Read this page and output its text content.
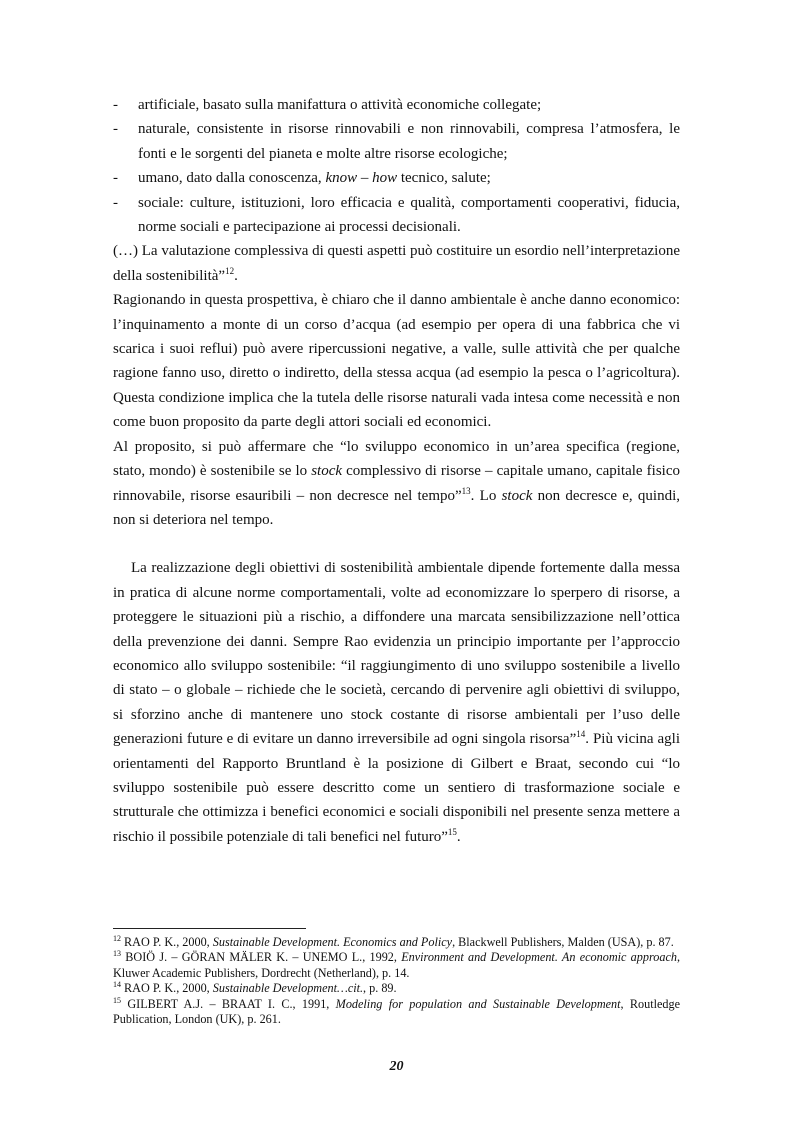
- artificiale, basato sulla manifattura o attività economiche collegate;
- naturale, consistente in risorse rinnovabili e non rinnovabili, compresa l’atmosfera, le fonti e le sorgenti del pianeta e molte altre risorse ecologiche;
- umano, dato dalla conoscenza, know – how tecnico, salute;
- sociale: culture, istituzioni, loro efficacia e qualità, comportamenti cooperativi, fiducia, norme sociali e partecipazione ai processi decisionali.

(…) La valutazione complessiva di questi aspetti può costituire un esordio nell’interpretazione della sostenibilità”$^{12}$.

Ragionando in questa prospettiva, è chiaro che il danno ambientale è anche danno economico: l’inquinamento a monte di un corso d’acqua (ad esempio per opera di una fabbrica che vi scarica i suoi reflui) può avere ripercussioni negative, a valle, sulle attività che per qualche ragione fanno uso, diretto o indiretto, della stessa acqua (ad esempio la pesca o l’agricoltura). Questa condizione implica che la tutela delle risorse naturali vada intesa come necessità e non come buon proposito da parte degli attori sociali ed economici.

Al proposito, si può affermare che “lo sviluppo economico in un’area specifica (regione, stato, mondo) è sostenibile se lo stock complessivo di risorse – capitale umano, capitale fisico rinnovabile, risorse esauribili – non decresce nel tempo”$^{13}$. Lo stock non decresce e, quindi, non si deteriora nel tempo.

La realizzazione degli obiettivi di sostenibilità ambientale dipende fortemente dalla messa in pratica di alcune norme comportamentali, volte ad economizzare lo sperpero di risorse, a proteggere le situazioni più a rischio, a diffondere una marcata sensibilizzazione nell’ottica della prevenzione dei danni. Sempre Rao evidenzia un principio importante per l’approccio economico allo sviluppo sostenibile: “il raggiungimento di uno sviluppo sostenibile a livello di stato – o globale – richiede che le società, cercando di pervenire agli obiettivi di sviluppo, si sforzino anche di mantenere uno stock costante di risorse ambientali per l’uso delle generazioni future e di evitare un danno irreversibile ad ogni singola risorsa”$^{14}$. Più vicina agli orientamenti del Rapporto Bruntland è la posizione di Gilbert e Braat, secondo cui “lo sviluppo sostenibile può essere descritto come un sentiero di trasformazione sociale e strutturale che ottimizza i benefici economici e sociali disponibili nel presente senza mettere a rischio il possibile potenziale di tali benefici nel futuro”$^{15}$.

$^{12}$ RAO P. K., 2000, Sustainable Development. Economics and Policy, Blackwell Publishers, Malden (USA), p. 87.

$^{13}$ BOIÖ J. – GÖRAN MÄLER K. – UNEMO L., 1992, Environment and Development. An economic approach, Kluwer Academic Publishers, Dordrecht (Netherland), p. 14.

$^{14}$ RAO P. K., 2000, Sustainable Development…cit., p. 89.

$^{15}$ GILBERT A.J. – BRAAT I. C., 1991, Modeling for population and Sustainable Development, Routledge Publication, London (UK), p. 261.

20
